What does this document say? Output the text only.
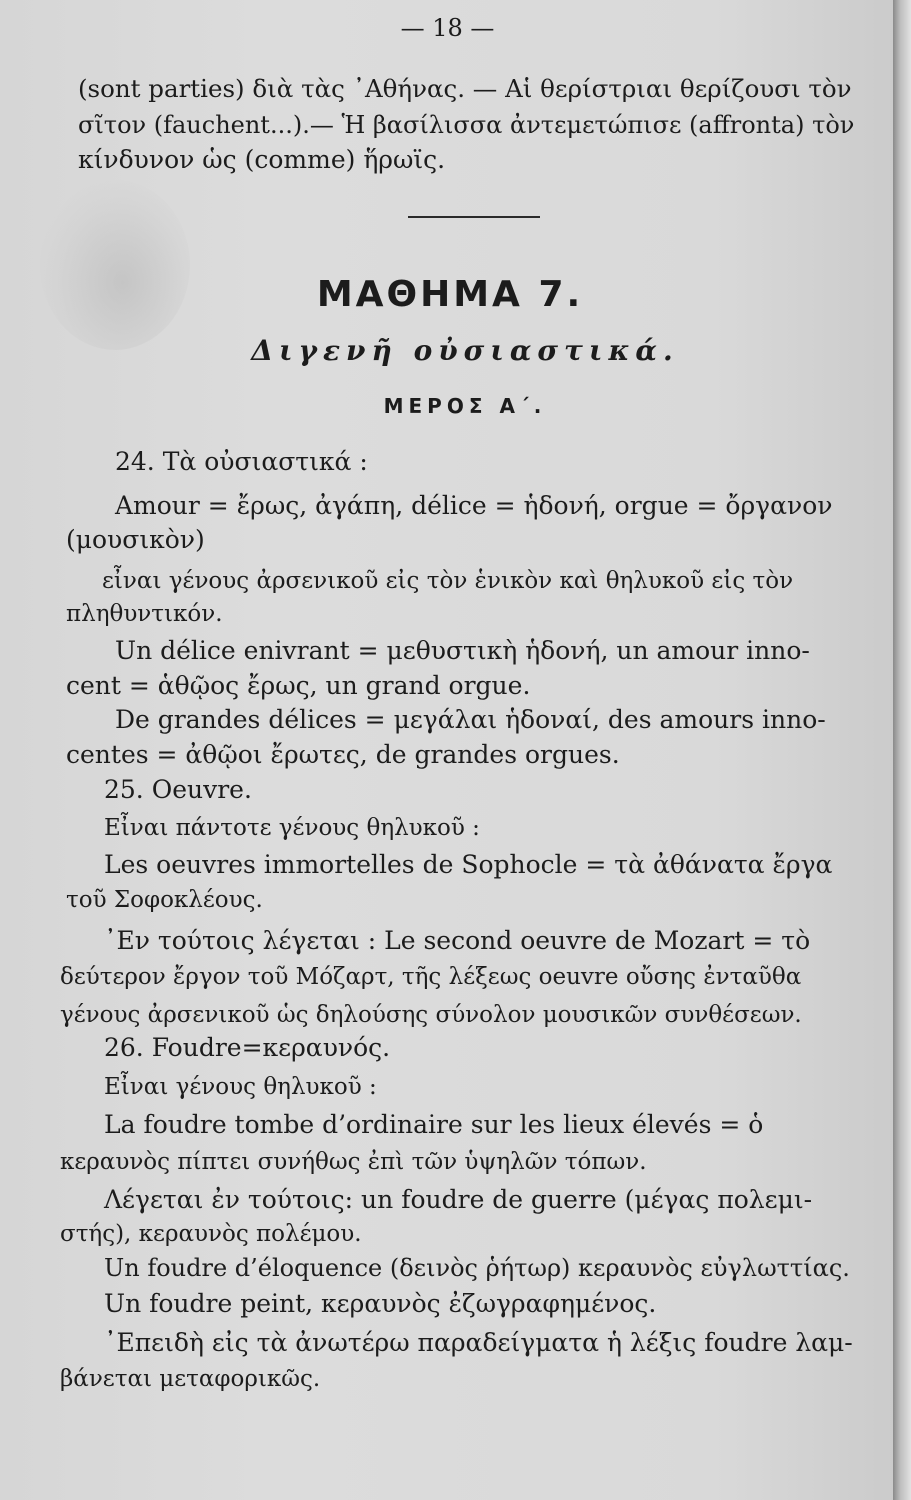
— 18 —
(sont parties) διὰ τὰς ᾿Αθήνας. — Αἱ θερίστριαι θερίζουσι τὸν
σῖτον (fauchent...).— Ἡ βασίλισσα ἀντεμετώπισε (affronta) τὸν
κίνδυνον ὡς (comme) ἥρωϊς.
ΜΑΘΗΜΑ 7.
Διγενῆ οὐσιαστικά.
ΜΕΡΟΣ Α΄.
24. Τὰ οὐσιαστικά :
Amour = ἔρως, ἀγάπη, délice = ἡδονή, orgue = ὄργανον
(μουσικὸν)
εἶναι γένους ἀρσενικοῦ εἰς τὸν ἑνικὸν καὶ θηλυκοῦ εἰς τὸν
πληθυντικόν.
Un délice enivrant = μεθυστικὴ ἡδονή, un amour inno-
cent = ἁθῷος ἔρως, un grand orgue.
De grandes délices = μεγάλαι ἡδοναί, des amours inno-
centes = ἀθῷοι ἔρωτες, de grandes orgues.
25. Oeuvre.
Εἶναι πάντοτε γένους θηλυκοῦ :
Les oeuvres immortelles de Sophocle = τὰ ἀθάνατα ἔργα
τοῦ Σοφοκλέους.
᾿Εν τούτοις λέγεται : Le second oeuvre de Mozart = τὸ
δεύτερον ἔργον τοῦ Μόζαρτ, τῆς λέξεως oeuvre οὔσης ἐνταῦθα
γένους ἀρσενικοῦ ὡς δηλούσης σύνολον μουσικῶν συνθέσεων.
26. Foudre=κεραυνός.
Εἶναι γένους θηλυκοῦ :
La foudre tombe d’ordinaire sur les lieux élevés = ὁ
κεραυνὸς πίπτει συνήθως ἐπὶ τῶν ὑψηλῶν τόπων.
Λέγεται ἐν τούτοις: un foudre de guerre (μέγας πολεμι-
στής), κεραυνὸς πολέμου.
Un foudre d’éloquence (δεινὸς ῥήτωρ) κεραυνὸς εὐγλωττίας.
Un foudre peint, κεραυνὸς ἐζωγραφημένος.
᾿Επειδὴ εἰς τὰ ἀνωτέρω παραδείγματα ἡ λέξις foudre λαμ-
βάνεται μεταφορικῶς.
